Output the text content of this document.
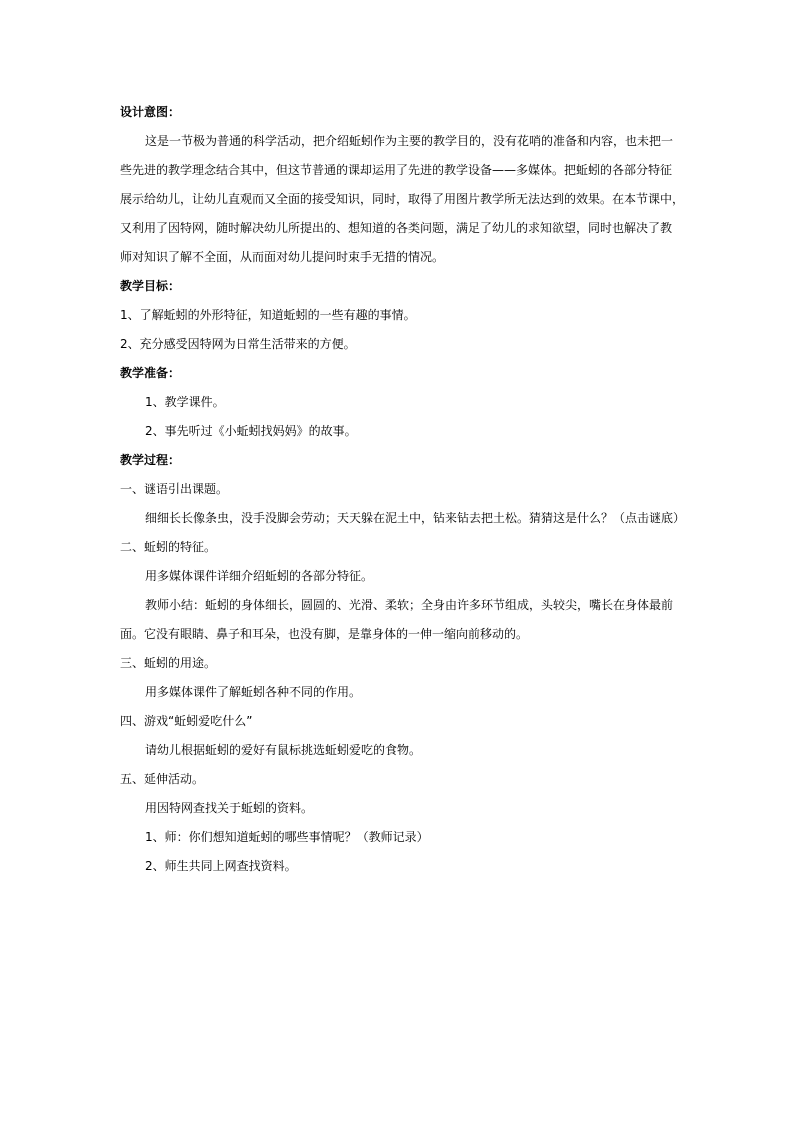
设计意图：
这是一节极为普通的科学活动，把介绍蚯蚓作为主要的教学目的，没有花哨的准备和内容，也未把一
些先进的教学理念结合其中，但这节普通的课却运用了先进的教学设备——多媒体。把蚯蚓的各部分特征
展示给幼儿，让幼儿直观而又全面的接受知识，同时，取得了用图片教学所无法达到的效果。在本节课中，
又利用了因特网，随时解决幼儿所提出的、想知道的各类问题，满足了幼儿的求知欲望，同时也解决了教
师对知识了解不全面，从而面对幼儿提问时束手无措的情况。
教学目标：
1、了解蚯蚓的外形特征，知道蚯蚓的一些有趣的事情。
2、充分感受因特网为日常生活带来的方便。
教学准备：
1、教学课件。
2、事先听过《小蚯蚓找妈妈》的故事。
教学过程：
一、谜语引出课题。
细细长长像条虫，没手没脚会劳动；天天躲在泥土中，钻来钻去把土松。猜猜这是什么？（点击谜底）
二、蚯蚓的特征。
用多媒体课件详细介绍蚯蚓的各部分特征。
教师小结：蚯蚓的身体细长，圆圆的、光滑、柔软；全身由许多环节组成，头较尖，嘴长在身体最前
面。它没有眼睛、鼻子和耳朵，也没有脚，是靠身体的一伸一缩向前移动的。
三、蚯蚓的用途。
用多媒体课件了解蚯蚓各种不同的作用。
四、游戏“蚯蚓爱吃什么”
请幼儿根据蚯蚓的爱好有鼠标挑选蚯蚓爱吃的食物。
五、延伸活动。
用因特网查找关于蚯蚓的资料。
1、师：你们想知道蚯蚓的哪些事情呢？（教师记录）
2、师生共同上网查找资料。
